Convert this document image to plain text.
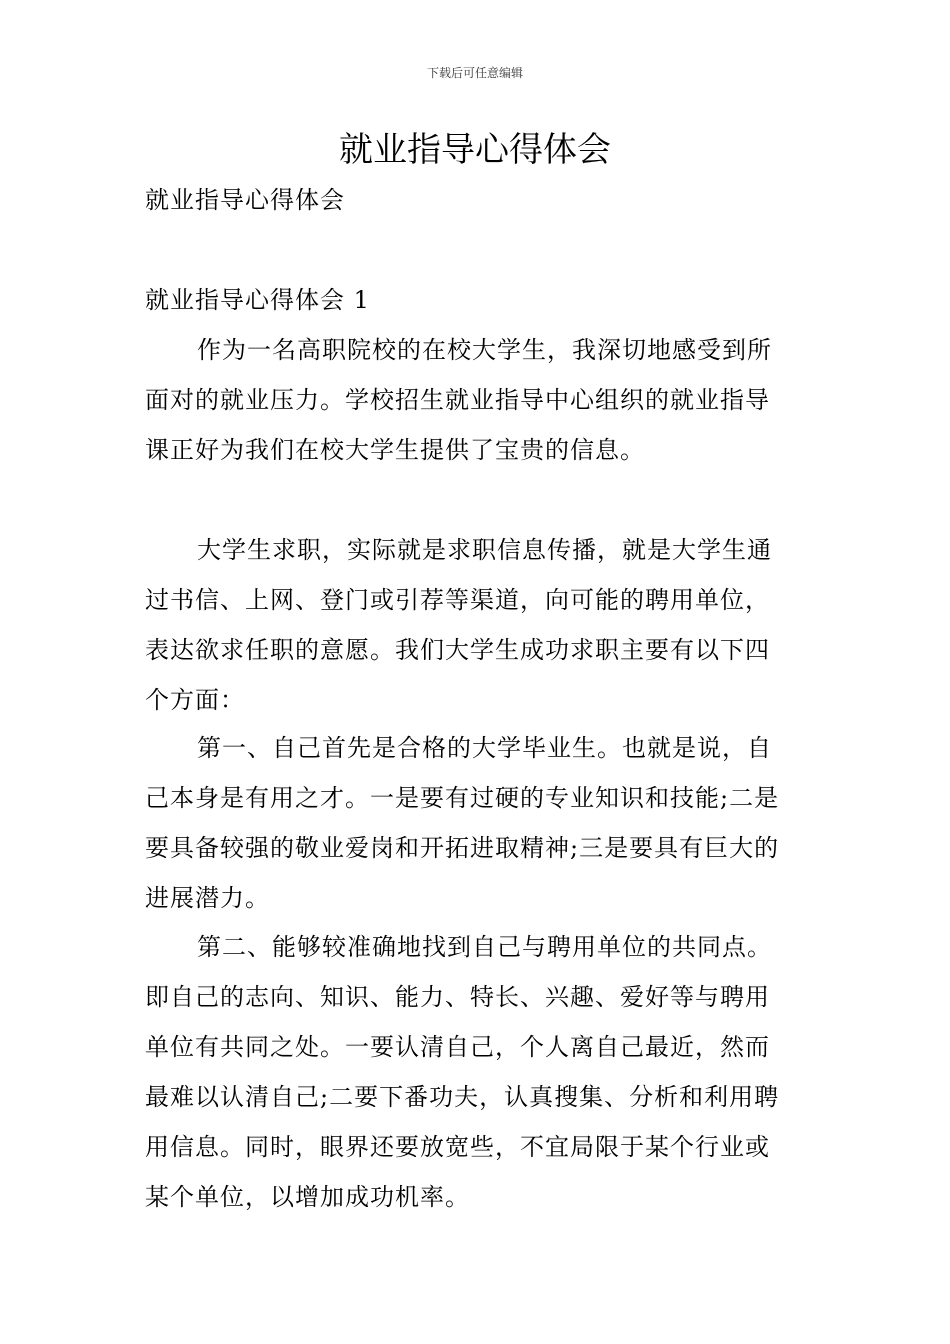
下载后可任意编辑
就业指导心得体会
就业指导心得体会
就业指导心得体会 1
作为一名高职院校的在校大学生，我深切地感受到所
面对的就业压力。学校招生就业指导中心组织的就业指导
课正好为我们在校大学生提供了宝贵的信息。
大学生求职，实际就是求职信息传播，就是大学生通
过书信、上网、登门或引荐等渠道，向可能的聘用单位，
表达欲求任职的意愿。我们大学生成功求职主要有以下四
个方面：
第一、自己首先是合格的大学毕业生。也就是说，自
己本身是有用之才。一是要有过硬的专业知识和技能;二是
要具备较强的敬业爱岗和开拓进取精神;三是要具有巨大的
进展潜力。
第二、能够较准确地找到自己与聘用单位的共同点。
即自己的志向、知识、能力、特长、兴趣、爱好等与聘用
单位有共同之处。一要认清自己，个人离自己最近，然而
最难以认清自己;二要下番功夫，认真搜集、分析和利用聘
用信息。同时，眼界还要放宽些，不宜局限于某个行业或
某个单位，以增加成功机率。
